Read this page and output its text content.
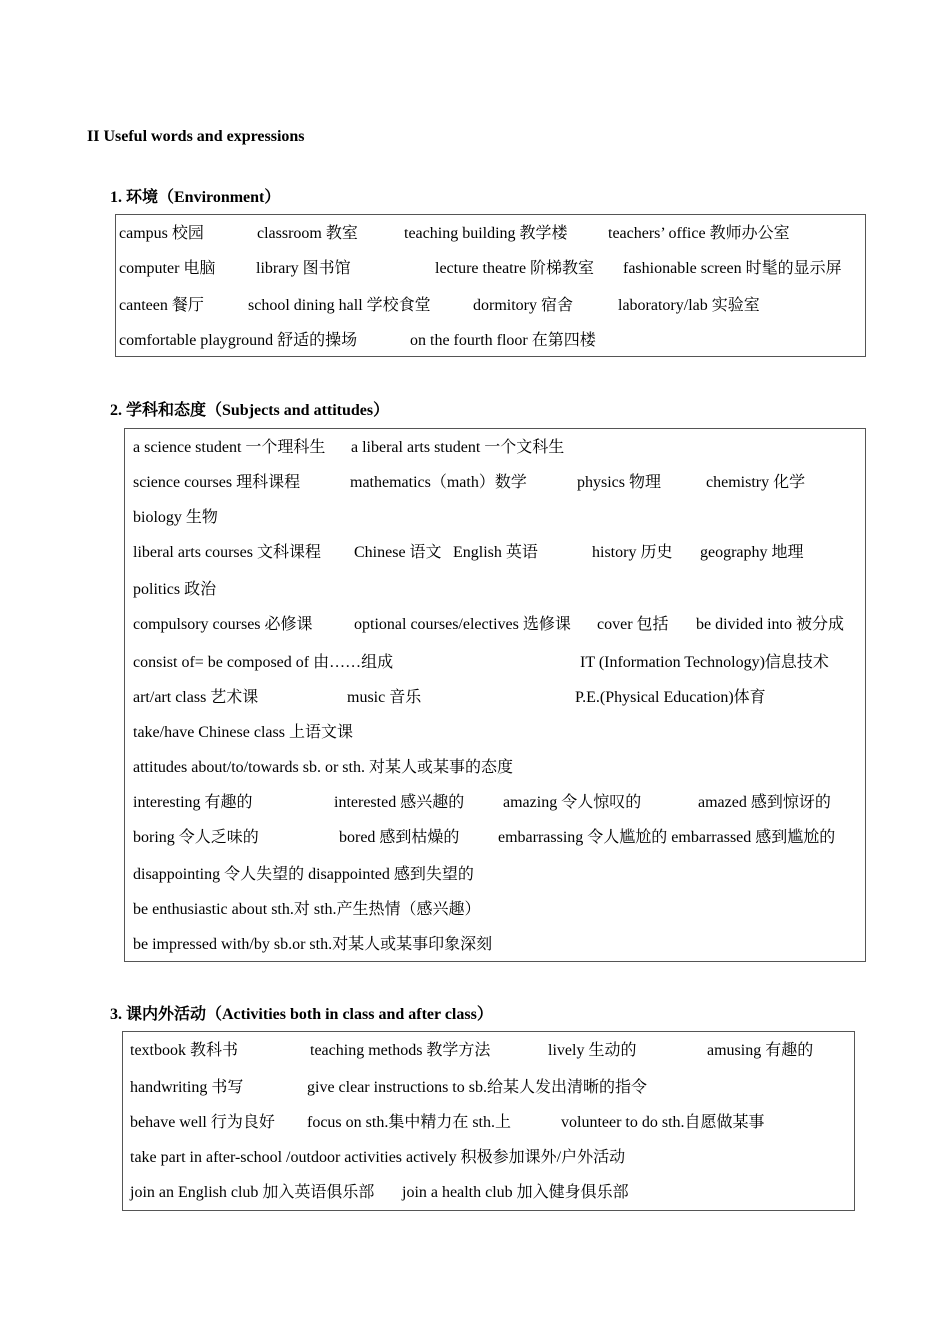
II Useful words and expressions
1. 环境（Environment）
campus 校园	classroom 教室	teaching building 教学楼	teachers’ office 教师办公室
computer 电脑	library 图书馆	lecture theatre 阶梯教室 fashionable screen 时髦的显示屏
canteen 餐厅	school dining hall 学校食堂	dormitory 宿舍	laboratory/lab 实验室
comfortable playground 舒适的操场	on the fourth floor 在第四楼
2. 学科和态度（Subjects and attitudes）
a science student 一个理科生 a liberal arts student 一个文科生
science courses 理科课程	mathematics（math）数学	physics 物理	chemistry 化学
biology 生物
liberal arts courses 文科课程 Chinese 语文 English 英语	history 历史 geography 地理
politics 政治
compulsory courses 必修课	optional courses/electives 选修课 cover 包括 be divided into 被分成
consist of= be composed of 由……组成	IT (Information Technology)信息技术
art/art class 艺术课	music 音乐	P.E.(Physical Education)体育
take/have Chinese class 上语文课
attitudes about/to/towards sb. or sth. 对某人或某事的态度
interesting 有趣的	interested 感兴趣的 amazing 令人惊叹的	amazed 感到惊讶的
boring 令人乏味的	bored 感到枯燥的 embarrassing 令人尴尬的 embarrassed 感到尴尬的
disappointing 令人失望的 disappointed 感到失望的
be enthusiastic about sth.对 sth.产生热情（感兴趣）
be impressed with/by sb.or sth.对某人或某事印象深刻
3. 课内外活动（Activities both in class and after class）
textbook 教科书	teaching methods 教学方法	lively 生动的	amusing 有趣的
handwriting 书写	give clear instructions to sb.给某人发出清晰的指令
behave well 行为良好 focus on sth.集中精力在 sth.上	volunteer to do sth.自愿做某事
take part in after-school /outdoor activities actively 积极参加课外/户外活动
join an English club 加入英语俱乐部 join a health club 加入健身俱乐部
